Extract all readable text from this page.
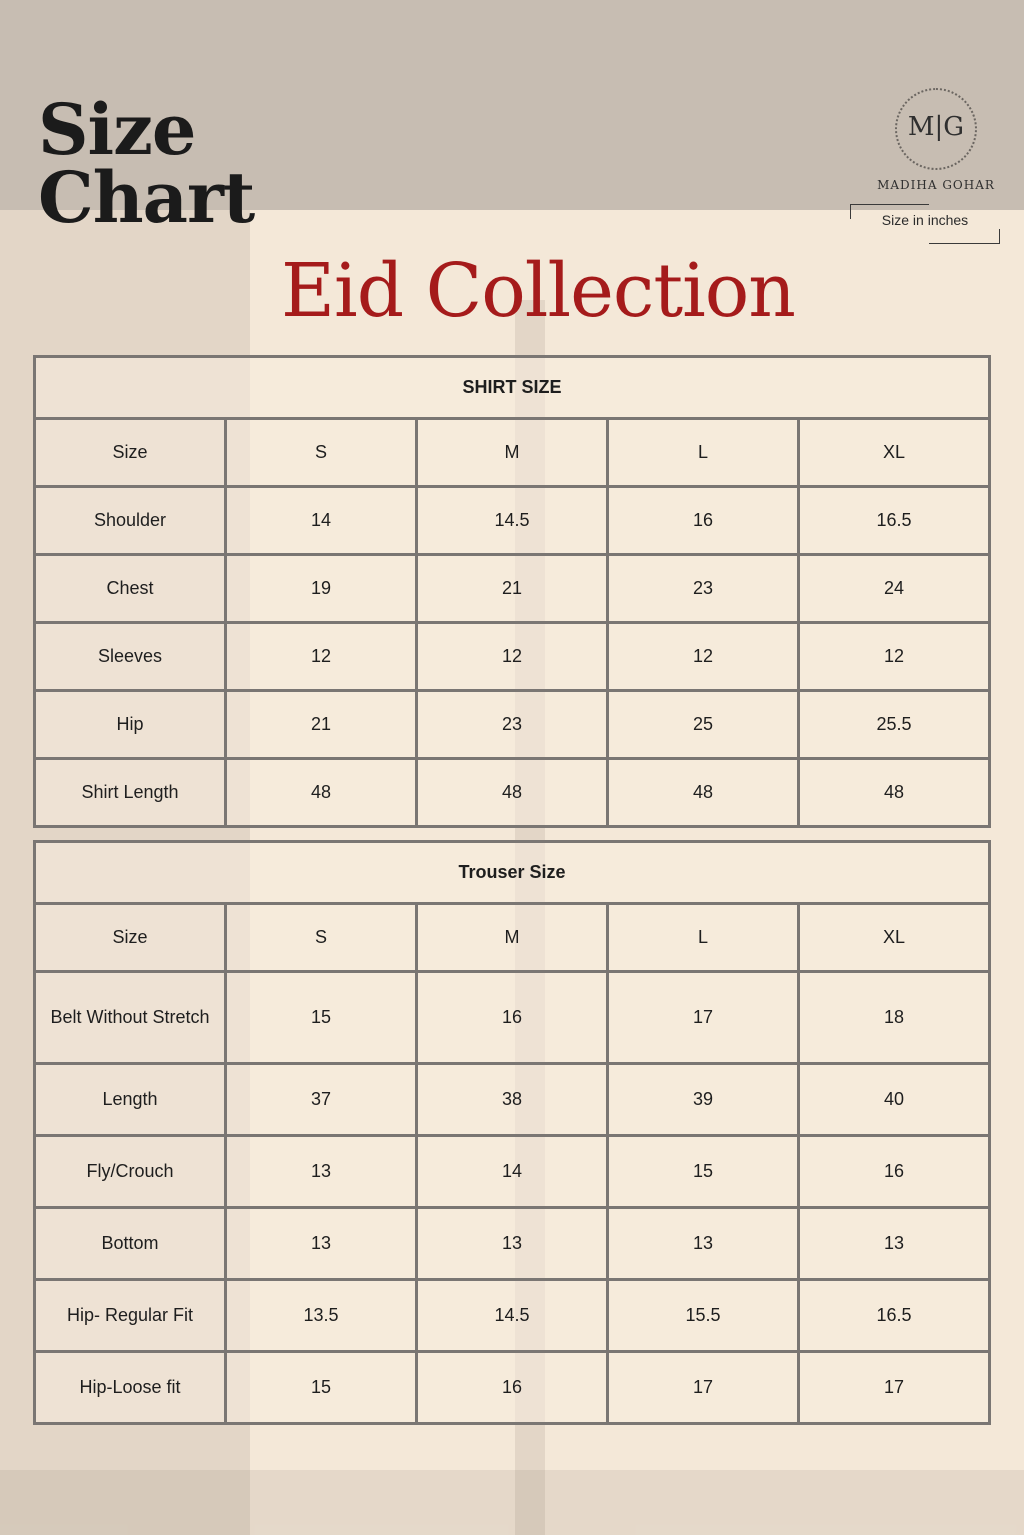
Size
Chart
M|G
MADIHA GOHAR
Size in inches
Eid Collection
SHIRT SIZE				
Size	S	M	L	XL
Shoulder	14	14.5	16	16.5
Chest	19	21	23	24
Sleeves	12	12	12	12
Hip	21	23	25	25.5
Shirt Length	48	48	48	48
Trouser Size				
Size	S	M	L	XL
Belt Without Stretch	15	16	17	18
Length	37	38	39	40
Fly/Crouch	13	14	15	16
Bottom	13	13	13	13
Hip- Regular Fit	13.5	14.5	15.5	16.5
Hip-Loose fit	15	16	17	17
